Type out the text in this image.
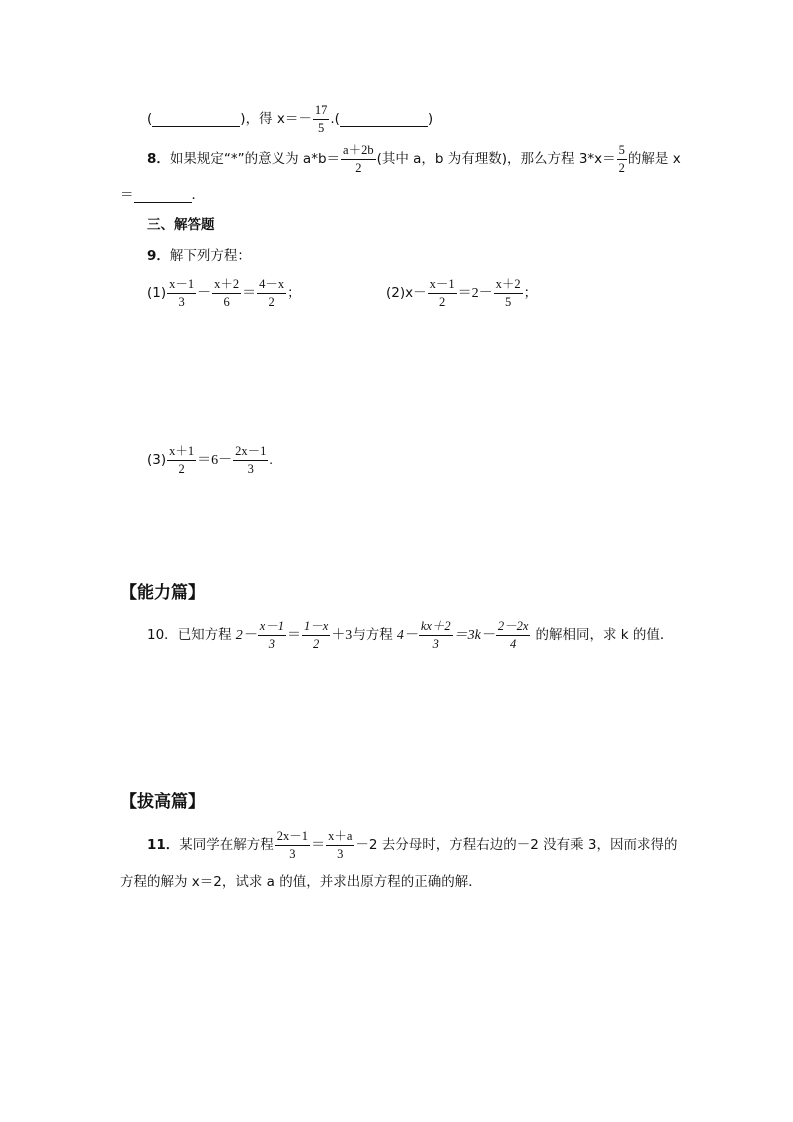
(	) ，得 $x=- \frac{17}{5}$ . (	)
8． 如果规定“*”的意义为 $a*b= \frac{a+2b}{2}$ (其中 a，b 为有理数)，那么方程 $3*x= \frac{5}{2}$ 的解是 x
＝	．
三、解答题
9． 解下列方程：
$(1) \frac{x-1}{3} - \frac{x+2}{6} = \frac{4-x}{2}$ ；	$(2)x- \frac{x-1}{2} =2- \frac{x+2}{5}$ ；
$(3) \frac{x+1}{2} =6- \frac{2x-1}{3}$ .
【能力篇】
10． 已知方程 $2- \frac{x-1}{3} = \frac{1-x}{2} +3$ 与方程 $4- \frac{kx+2}{3} =3k- \frac{2-2x}{4}$ 的解相同，求 k 的值．
【拔高篇】
11． 某同学在解方程 $\frac{2x-1}{3} = \frac{x+a}{3} -2$ 去分母时，方程右边的－2 没有乘 3，因而求得的
方程的解为 x＝2，试求 a 的值，并求出原方程的正确的解．
